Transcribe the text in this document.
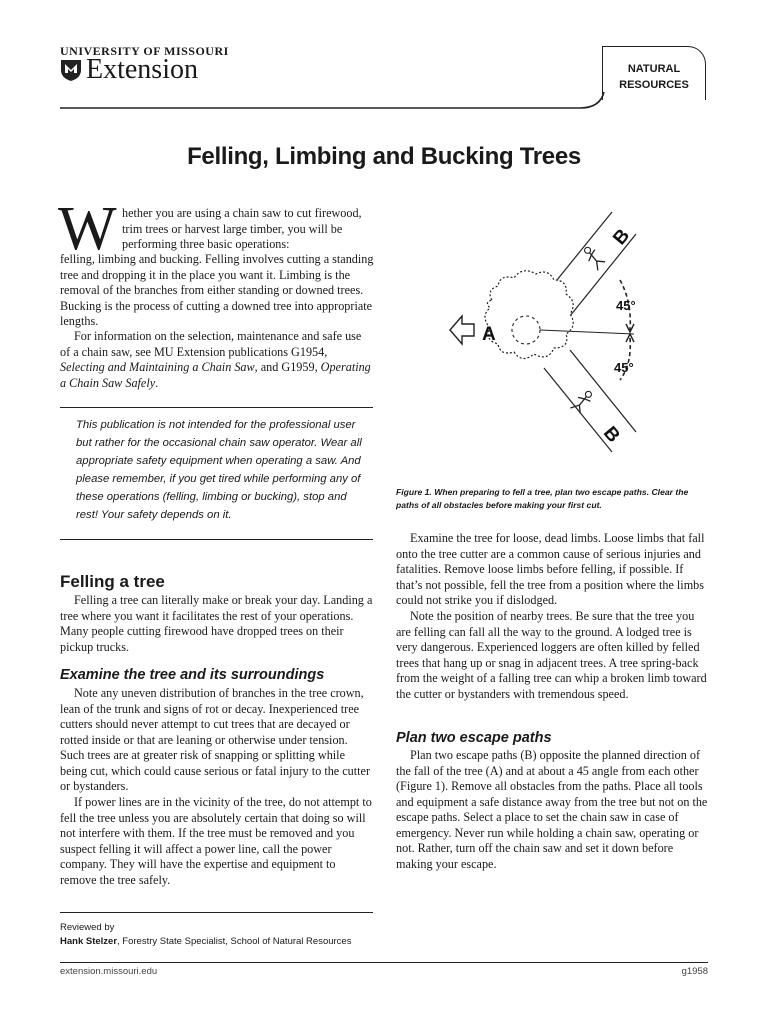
UNIVERSITY OF MISSOURI
Extension	NATURAL
RESOURCES
Felling, Limbing and Bucking Trees
W hether you are using a chain saw to cut firewood, trim trees or harvest large timber, you will be performing three basic operations:

felling, limbing and bucking. Felling involves cutting a standing tree and dropping it in the place you want it. Limbing is the removal of the branches from either standing or downed trees. Bucking is the process of cutting a downed tree into appropriate lengths.

For information on the selection, maintenance and safe use of a chain saw, see MU Extension publications G1954, Selecting and Maintaining a Chain Saw, and G1959, Operating a Chain Saw Safely.

This publication is not intended for the professional user but rather for the occasional chain saw operator. Wear all appropriate safety equipment when operating a saw. And please remember, if you get tired while performing any of these operations (felling, limbing or bucking), stop and rest! Your safety depends on it.
Felling a tree

Felling a tree can literally make or break your day. Landing a tree where you want it facilitates the rest of your operations. Many people cutting firewood have dropped trees on their pickup trucks.

Examine the tree and its surroundings

Note any uneven distribution of branches in the tree crown, lean of the trunk and signs of rot or decay. Inexperienced tree cutters should never attempt to cut trees that are decayed or rotted inside or that are leaning or otherwise under tension. Such trees are at greater risk of snapping or splitting while being cut, which could cause serious or fatal injury to the cutter or bystanders.

If power lines are in the vicinity of the tree, do not attempt to fell the tree unless you are absolutely certain that doing so will not interfere with them. If the tree must be removed and you suspect felling it will affect a power line, call the power company. They will have the expertise and equipment to remove the tree safely.

Reviewed by
Hank Stelzer, Forestry State Specialist, School of Natural Resources
A
B
B
45°
45°
Figure 1. When preparing to fell a tree, plan two escape paths. Clear the paths of all obstacles before making your first cut.

Examine the tree for loose, dead limbs. Loose limbs that fall onto the tree cutter are a common cause of serious injuries and fatalities. Remove loose limbs before felling, if possible. If that’s not possible, fell the tree from a position where the limbs could not strike you if dislodged.

Note the position of nearby trees. Be sure that the tree you are felling can fall all the way to the ground. A lodged tree is very dangerous. Experienced loggers are often killed by felled trees that hang up or snag in adjacent trees. A tree spring-back from the weight of a falling tree can whip a broken limb toward the cutter or bystanders with tremendous speed.

Plan two escape paths

Plan two escape paths (B) opposite the planned direction of the fall of the tree (A) and at about a 45 angle from each other (Figure 1). Remove all obstacles from the paths. Place all tools and equipment a safe distance away from the tree but not on the escape paths. Select a place to set the chain saw in case of emergency. Never run while holding a chain saw, operating or not. Rather, turn off the chain saw and set it down before making your escape.

extension.missouri.edu	g1958
